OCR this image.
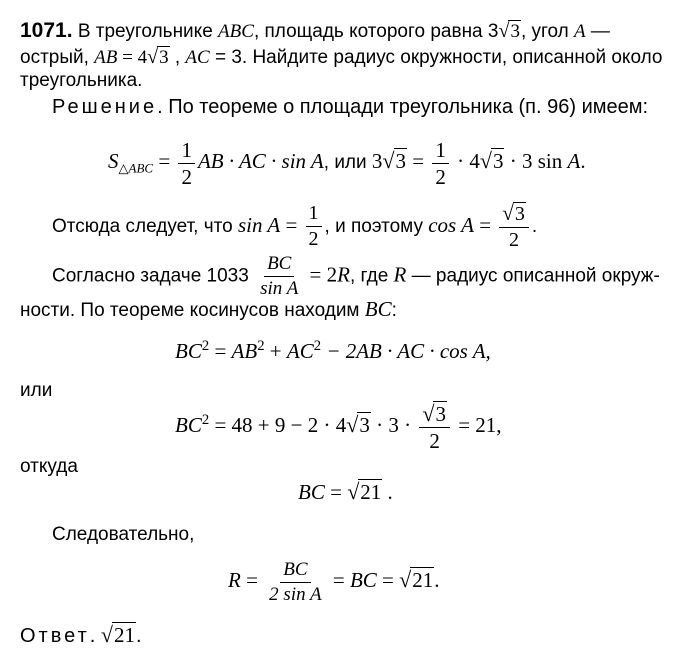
1071. В треугольнике ABC, площадь которого равна 3√3, угол A —
острый, AB = 4√3 , AC = 3. Найдите радиус окружности, описанной около
треугольника.
Решение. По теореме о площади треугольника (п. 96) имеем:
$S_{\triangle ABC} = \frac{1}{2}$ AB · AC · sin A, или $3√3 = \frac{1}{2} \cdot 4√3 \cdot 3$ sin A.
Отсюда следует, что $\sin A = \frac{1}{2}$ , и поэтому $\cos A = \frac{√3}{2}$ .
Согласно задаче $1033 \frac{BC}{\text{sin A}} = 2R$, где R — радиус описанной окруж-
ности. По теореме косинусов находим BC:
$BC^2 = AB^2 + AC^2 - 2AB$ · AC · cos A,
или
$BC^2 = 48 + 9 - 2 \cdot 4√3 \cdot 3 \cdot \frac{√3}{2} = 21$,
откуда
BC = √21 .
Следовательно,
$R = \frac{BC}{\text{2 sin A}}$ = BC = √21.
Ответ. √21.
